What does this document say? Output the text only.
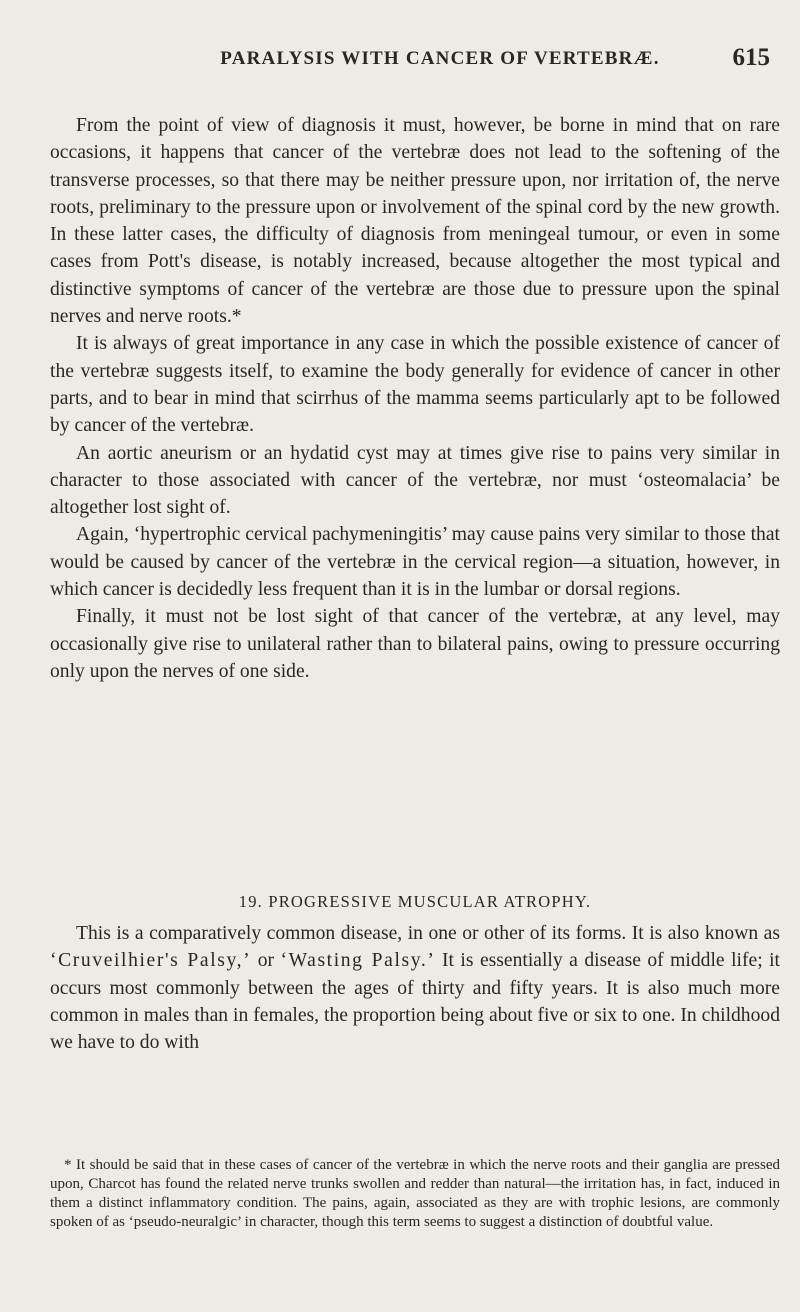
PARALYSIS WITH CANCER OF VERTEBRÆ.	615

From the point of view of diagnosis it must, however, be borne in mind that on rare occasions, it happens that cancer of the vertebræ does not lead to the softening of the transverse processes, so that there may be neither pressure upon, nor irritation of, the nerve roots, preliminary to the pressure upon or involvement of the spinal cord by the new growth. In these latter cases, the difficulty of diagnosis from meningeal tumour, or even in some cases from Pott's disease, is notably increased, because altogether the most typical and distinctive symptoms of cancer of the vertebræ are those due to pressure upon the spinal nerves and nerve roots.*

It is always of great importance in any case in which the possible existence of cancer of the vertebræ suggests itself, to examine the body generally for evidence of cancer in other parts, and to bear in mind that scirrhus of the mamma seems particularly apt to be followed by cancer of the vertebræ.

An aortic aneurism or an hydatid cyst may at times give rise to pains very similar in character to those associated with cancer of the vertebræ, nor must ‘osteomalacia’ be altogether lost sight of.

Again, ‘hypertrophic cervical pachymeningitis’ may cause pains very similar to those that would be caused by cancer of the vertebræ in the cervical region—a situation, however, in which cancer is decidedly less frequent than it is in the lumbar or dorsal regions.

Finally, it must not be lost sight of that cancer of the vertebræ, at any level, may occasionally give rise to unilateral rather than to bilateral pains, owing to pressure occurring only upon the nerves of one side.

19. PROGRESSIVE MUSCULAR ATROPHY.

This is a comparatively common disease, in one or other of its forms. It is also known as ‘Cruveilhier's Palsy,’ or ‘Wasting Palsy.’ It is essentially a disease of middle life; it occurs most commonly between the ages of thirty and fifty years. It is also much more common in males than in females, the proportion being about five or six to one. In childhood we have to do with

* It should be said that in these cases of cancer of the vertebræ in which the nerve roots and their ganglia are pressed upon, Charcot has found the related nerve trunks swollen and redder than natural—the irritation has, in fact, induced in them a distinct inflammatory condition. The pains, again, associated as they are with trophic lesions, are commonly spoken of as ‘pseudo-neuralgic’ in character, though this term seems to suggest a distinction of doubtful value.
